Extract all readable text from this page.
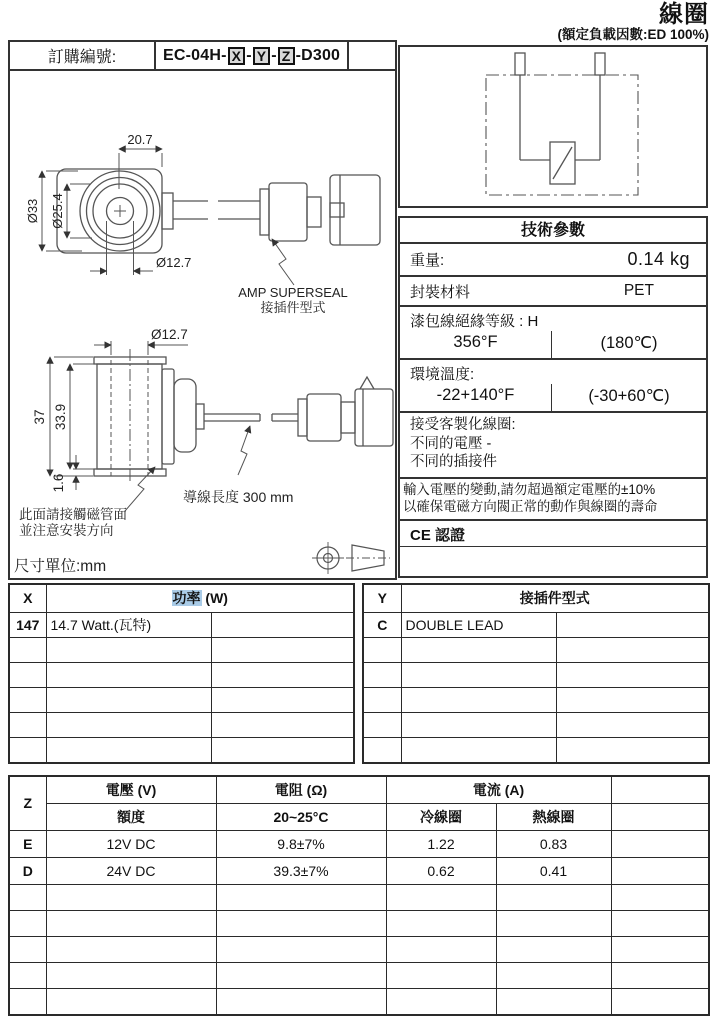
線圈
(額定負載因數:ED 100%)
訂購編號:	EC-04H- X - Y - Z -D300
20.7
Ø33 Ø25.4
Ø12.7
AMP SUPERSEAL
接插件型式
Ø12.7
37 33.9
1.6
導線長度 300 mm
此面請接觸磁管面
並注意安裝方向
尺寸單位:mm
技術參數
重量:	0.14 kg
封裝材料	PET
漆包線絕緣等級 : H
356°F	(180℃)
環境溫度:
-22+140°F	(-30+60℃)
接受客製化線圈:
不同的電壓 -
不同的插接件
輸入電壓的變動,請勿超過額定電壓的±10%
以確保電磁方向閥正常的動作與線圈的壽命
CE 認證
X	功率 (W)	
147	14.7 Watt.(瓦特)	

Y	接插件型式	
C	DOUBLE LEAD	

Z	電壓 (V)	電阻 (Ω)	電流 (A)		
	額度	20~25°C	冷線圈	熱線圈	
E	12V DC	9.8±7%	1.22	0.83	
D	24V DC	39.3±7%	0.62	0.41	
